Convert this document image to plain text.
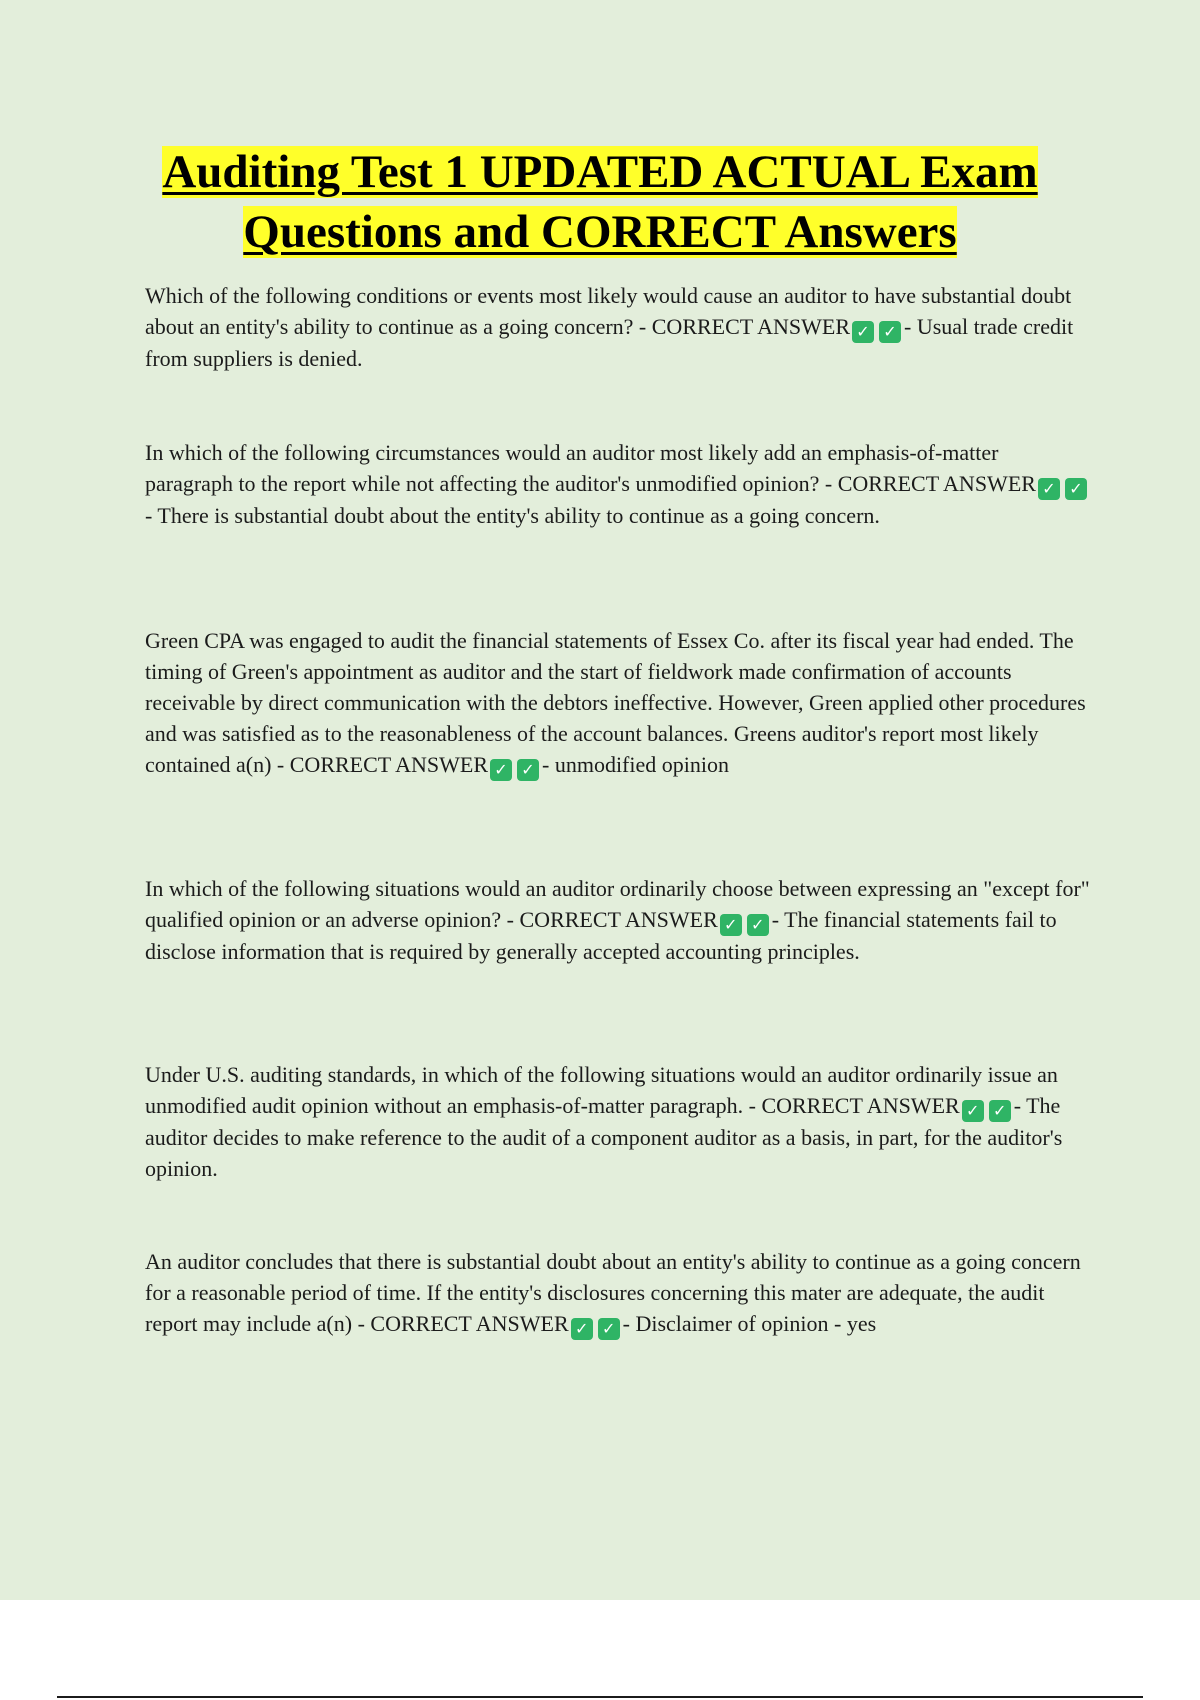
Auditing Test 1 UPDATED ACTUAL Exam Questions and CORRECT Answers

Which of the following conditions or events most likely would cause an auditor to have substantial doubt about an entity's ability to continue as a going concern? - CORRECT ANSWER ✓ ✓ - Usual trade credit from suppliers is denied.

In which of the following circumstances would an auditor most likely add an emphasis-of-matter paragraph to the report while not affecting the auditor's unmodified opinion? - CORRECT ANSWER ✓ ✓- There is substantial doubt about the entity's ability to continue as a going concern.

Green CPA was engaged to audit the financial statements of Essex Co. after its fiscal year had ended. The timing of Green's appointment as auditor and the start of fieldwork made confirmation of accounts receivable by direct communication with the debtors ineffective. However, Green applied other procedures and was satisfied as to the reasonableness of the account balances. Greens auditor's report most likely contained a(n) - CORRECT ANSWER ✓ ✓ - unmodified opinion

In which of the following situations would an auditor ordinarily choose between expressing an "except for" qualified opinion or an adverse opinion? - CORRECT ANSWER ✓ ✓ - The financial statements fail to disclose information that is required by generally accepted accounting principles.

Under U.S. auditing standards, in which of the following situations would an auditor ordinarily issue an unmodified audit opinion without an emphasis-of-matter paragraph. - CORRECT ANSWER ✓ ✓ - The auditor decides to make reference to the audit of a component auditor as a basis, in part, for the auditor's opinion.

An auditor concludes that there is substantial doubt about an entity's ability to continue as a going concern for a reasonable period of time. If the entity's disclosures concerning this mater are adequate, the audit report may include a(n) - CORRECT ANSWER ✓ ✓ - Disclaimer of opinion - yes
